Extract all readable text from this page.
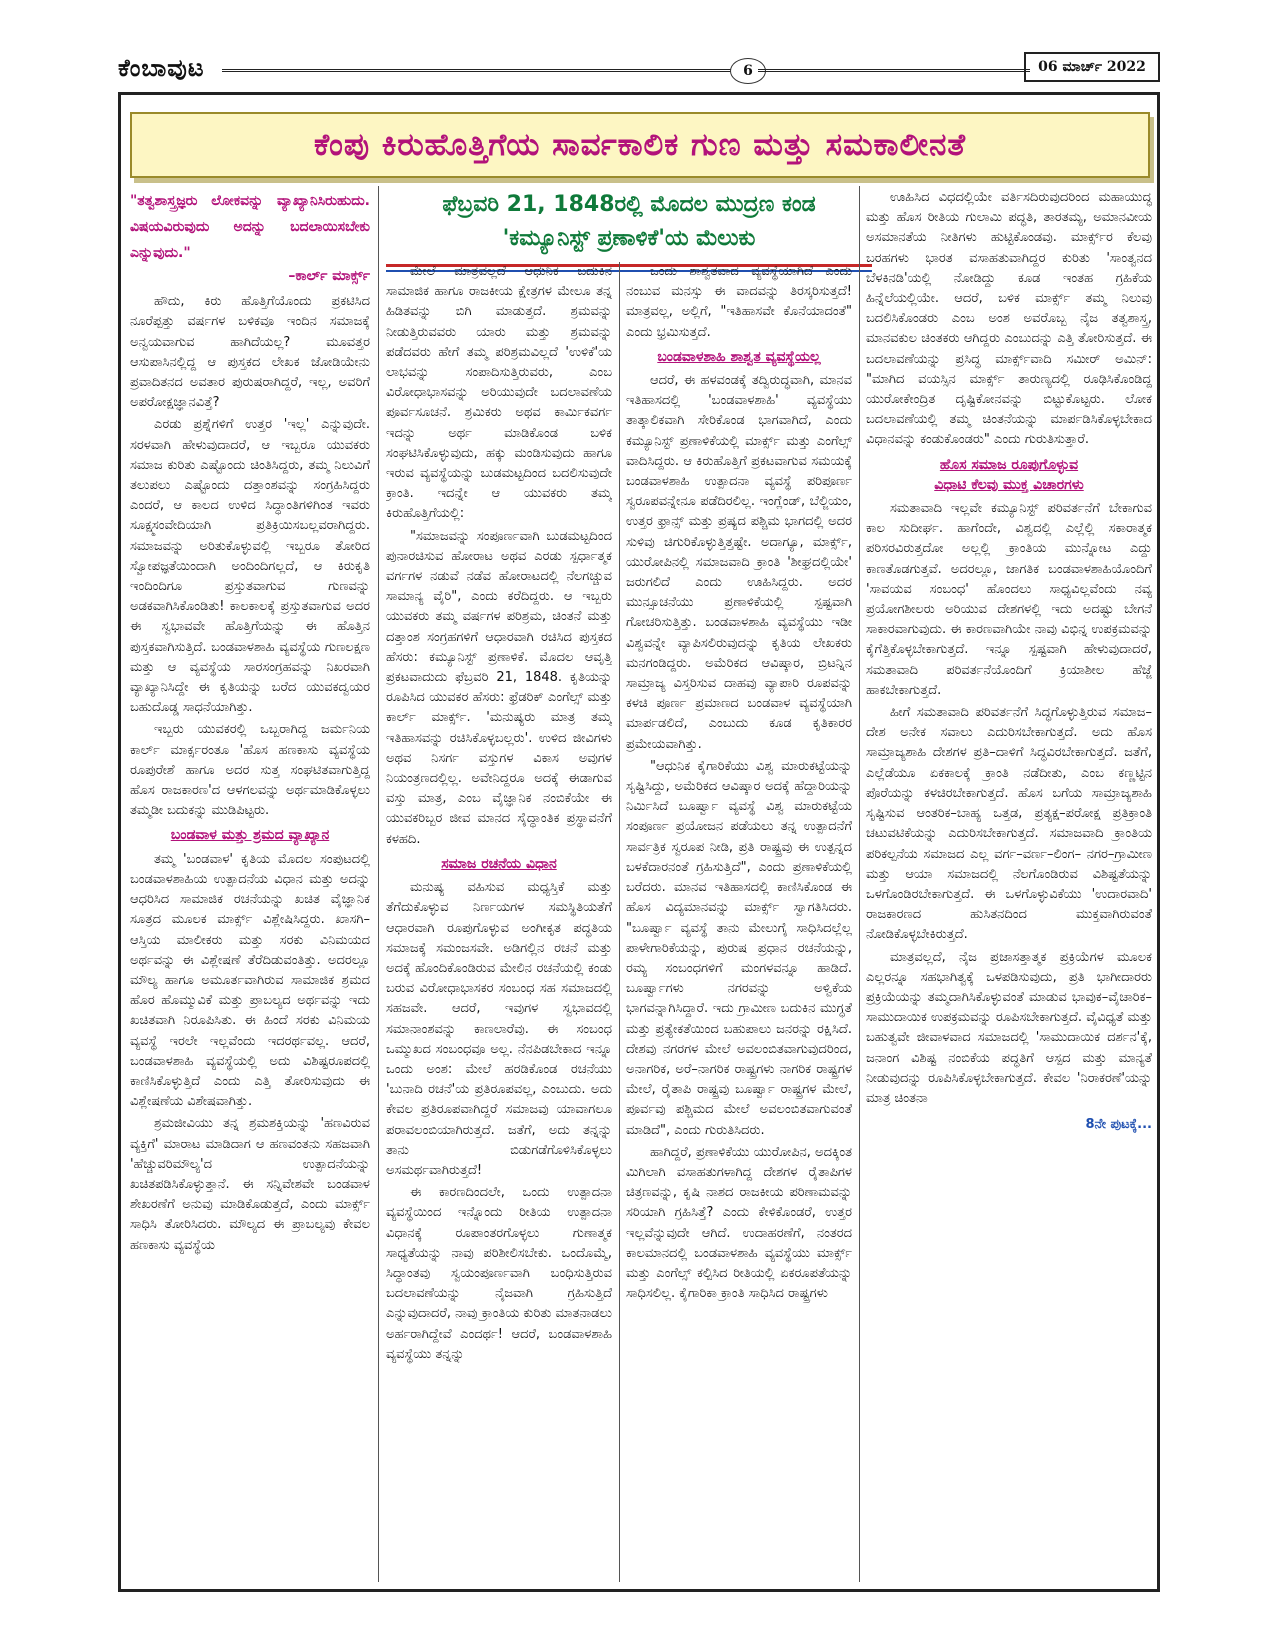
ಕೆಂಬಾವುಟ	6	06 ಮಾರ್ಚ್ 2022
ಕೆಂಪು ಕಿರುಹೊತ್ತಿಗೆಯ ಸಾರ್ವಕಾಲಿಕ ಗುಣ ಮತ್ತು ಸಮಕಾಲೀನತೆ
ಫೆಬ್ರವರಿ 21, 1848ರಲ್ಲಿ ಮೊದಲ ಮುದ್ರಣ ಕಂಡ
'ಕಮ್ಯೂನಿಸ್ಟ್ ಪ್ರಣಾಳಿಕೆ'ಯ ಮೆಲುಕು
"ತತ್ವಶಾಸ್ತ್ರಜ್ಞರು ಲೋಕವನ್ನು ವ್ಯಾಖ್ಯಾನಿಸಿರುಹುದು. ವಿಷಯವಿರುವುದು ಅದನ್ನು ಬದಲಾಯಿಸಬೇಕು ಎನ್ನುವುದು."
–ಕಾರ್ಲ್ ಮಾರ್ಕ್ಸ್

ಹೌದು, ಕಿರು ಹೊತ್ತಿಗೆಯೊಂದು ಪ್ರಕಟಿಸಿದ ನೂರೆಪ್ಪತ್ತು ವರ್ಷಗಳ ಬಳಿಕವೂ ಇಂದಿನ ಸಮಾಜಕ್ಕೆ ಅನ್ವಯವಾಗುವ ಹಾಗಿದೆಯಲ್ಲ? ಮೂವತ್ತರ ಆಸುಪಾಸಿನಲ್ಲಿದ್ದ ಆ ಪುಸ್ತಕದ ಲೇಖಕ ಜೋಡಿಯೇನು ಪ್ರವಾದಿತನದ ಅವತಾರ ಪುರುಷರಾಗಿದ್ದರೆ, ಇಲ್ಲ, ಅವರಿಗೆ ಅಪರೋಕ್ಷಜ್ಞಾನವಿತ್ತೆ?

ಎರಡು ಪ್ರಶ್ನೆಗಳಿಗೆ ಉತ್ತರ 'ಇಲ್ಲ' ಎನ್ನುವುದೇ. ಸರಳವಾಗಿ ಹೇಳುವುದಾದರೆ, ಆ ಇಬ್ಬರೂ ಯುವಕರು ಸಮಾಜ ಕುರಿತು ಎಷ್ಟೊಂದು ಚಿಂತಿಸಿದ್ದರು, ತಮ್ಮ ನಿಲುವಿಗೆ ತಲುಪಲು ಎಷ್ಟೊಂದು ದತ್ತಾಂಶವನ್ನು ಸಂಗ್ರಹಿಸಿದ್ದರು ಎಂದರೆ, ಆ ಕಾಲದ ಉಳಿದ ಸಿದ್ಧಾಂತಿಗಳಿಗಿಂತ ಇವರು ಸೂಕ್ಷ್ಮಸಂವೇದಿಯಾಗಿ ಪ್ರತಿಕ್ರಿಯಿಸಬಲ್ಲವರಾಗಿದ್ದರು. ಸಮಾಜವನ್ನು ಅರಿತುಕೊಳ್ಳುವಲ್ಲಿ ಇಬ್ಬರೂ ತೋರಿದ ಸ್ವೋಪಜ್ಞತೆಯಿಂದಾಗಿ ಅಂದಿಂದಿಗಲ್ಲದೆ, ಆ ಕಿರುಕೃತಿ ಇಂದಿಂದಿಗೂ ಪ್ರಸ್ತುತವಾಗುವ ಗುಣವನ್ನು ಅಡಕವಾಗಿಸಿಕೊಂಡಿತು! ಕಾಲಕಾಲಕ್ಕೆ ಪ್ರಸ್ತುತವಾಗುವ ಅದರ ಈ ಸ್ವಭಾವವೇ ಹೊತ್ತಿಗೆಯನ್ನು ಈ ಹೊತ್ತಿನ ಪುಸ್ತಕವಾಗಿಸುತ್ತಿದೆ. ಬಂಡವಾಳಶಾಹಿ ವ್ಯವಸ್ಥೆಯ ಗುಣಲಕ್ಷಣ ಮತ್ತು ಆ ವ್ಯವಸ್ಥೆಯ ಸಾರಸಂಗ್ರಹವನ್ನು ನಿಖರವಾಗಿ ವ್ಯಾಖ್ಯಾನಿಸಿದ್ದೇ ಈ ಕೃತಿಯನ್ನು ಬರೆದ ಯುವಕದ್ವಯರ ಬಹುದೊಡ್ಡ ಸಾಧನೆಯಾಗಿತ್ತು.

ಇಬ್ಬರು ಯುವಕರಲ್ಲಿ ಒಬ್ಬರಾಗಿದ್ದ ಜರ್ಮನಿಯ ಕಾರ್ಲ್ ಮಾರ್ಕ್ಸರಂತೂ 'ಹೊಸ ಹಣಕಾಸು ವ್ಯವಸ್ಥೆಯ ರೂಪುರೇಶೆ ಹಾಗೂ ಅದರ ಸುತ್ತ ಸಂಘಟಿತವಾಗುತ್ತಿದ್ದ ಹೊಸ ರಾಜಕಾರಣ'ದ ಆಳಗಲವನ್ನು ಅರ್ಥಮಾಡಿಕೊಳ್ಳಲು ತಮ್ಮಡೀ ಬದುಕನ್ನು ಮುಡಿಪಿಟ್ಟರು.

ಬಂಡವಾಳ ಮತ್ತು ಶ್ರಮದ ವ್ಯಾಖ್ಯಾನ

ತಮ್ಮ 'ಬಂಡವಾಳ' ಕೃತಿಯ ಮೊದಲ ಸಂಪುಟದಲ್ಲಿ ಬಂಡವಾಳಶಾಹಿಯ ಉತ್ಪಾದನೆಯ ವಿಧಾನ ಮತ್ತು ಅದನ್ನು ಆಧರಿಸಿದ ಸಾಮಾಜಿಕ ರಚನೆಯನ್ನು ಖಚಿತ ವೈಜ್ಞಾನಿಕ ಸೂತ್ರದ ಮೂಲಕ ಮಾರ್ಕ್ಸ್ ವಿಶ್ಲೇಷಿಸಿದ್ದರು. ಖಾಸಗಿ–ಆಸ್ತಿಯ ಮಾಲೀಕರು ಮತ್ತು ಸರಕು ವಿನಿಮಯದ ಅರ್ಥವನ್ನು ಈ ವಿಶ್ಲೇಷಣೆ ತೆರೆದಿಡುವಂತಿತ್ತು. ಅದರಲ್ಲೂ ಮೌಲ್ಯ ಹಾಗೂ ಅಮೂರ್ತವಾಗಿರುವ ಸಾಮಾಜಿಕ ಶ್ರಮದ ಹೊರ ಹೊಮ್ಮುವಿಕೆ ಮತ್ತು ಪ್ರಾಬಲ್ಯದ ಅರ್ಥವನ್ನು ಇದು ಖಚಿತವಾಗಿ ನಿರೂಪಿಸಿತು. ಈ ಹಿಂದೆ ಸರಕು ವಿನಿಮಯ ವ್ಯವಸ್ಥೆ ಇರಲೇ ಇಲ್ಲವೆಂದು ಇದರರ್ಥವಲ್ಲ. ಆದರೆ, ಬಂಡವಾಳಶಾಹಿ ವ್ಯವಸ್ಥೆಯಲ್ಲಿ ಅದು ವಿಶಿಷ್ಟರೂಪದಲ್ಲಿ ಕಾಣಿಸಿಕೊಳ್ಳುತ್ತಿದೆ ಎಂದು ಎತ್ತಿ ತೋರಿಸುವುದು ಈ ವಿಶ್ಲೇಷಣೆಯ ವಿಶೇಷವಾಗಿತ್ತು.

ಶ್ರಮಜೀವಿಯು ತನ್ನ ಶ್ರಮಶಕ್ತಿಯನ್ನು 'ಹಣವಿರುವ ವ್ಯಕ್ತಿಗೆ' ಮಾರಾಟ ಮಾಡಿದಾಗ ಆ ಹಣವಂತನು ಸಹಜವಾಗಿ 'ಹೆಚ್ಚುವರಿಮೌಲ್ಯ'ದ ಉತ್ಪಾದನೆಯನ್ನು ಖಚಿತಪಡಿಸಿಕೊಳ್ಳುತ್ತಾನೆ. ಈ ಸನ್ನಿವೇಶವೇ ಬಂಡವಾಳ ಶೇಖರಣೆಗೆ ಅನುವು ಮಾಡಿಕೊಡುತ್ತದೆ, ಎಂದು ಮಾರ್ಕ್ಸ್ ಸಾಧಿಸಿ ತೋರಿಸಿದರು. ಮೌಲ್ಯದ ಈ ಪ್ರಾಬಲ್ಯವು ಕೇವಲ ಹಣಕಾಸು ವ್ಯವಸ್ಥೆಯ

ಮೇಲೆ ಮಾತ್ರವಲ್ಲದೆ ಆಧುನಿಕ ಬದುಕಿನ ಸಾಮಾಜಿಕ ಹಾಗೂ ರಾಜಕೀಯ ಕ್ಷೇತ್ರಗಳ ಮೇಲೂ ತನ್ನ ಹಿಡಿತವನ್ನು ಬಿಗಿ ಮಾಡುತ್ತದೆ. ಶ್ರಮವನ್ನು ನೀಡುತ್ತಿರುವವರು ಯಾರು ಮತ್ತು ಶ್ರಮವನ್ನು ಪಡೆದವರು ಹೇಗೆ ತಮ್ಮ ಪರಿಶ್ರಮವಿಲ್ಲದೆ 'ಉಳಿಕೆ'ಯ ಲಾಭವನ್ನು ಸಂಪಾದಿಸುತ್ತಿರುವರು, ಎಂಬ ವಿರೋಧಾಭಾಸವನ್ನು ಅರಿಯುವುದೇ ಬದಲಾವಣೆಯ ಪೂರ್ವಸೂಚನೆ. ಶ್ರಮಿಕರು ಅಥವ ಕಾರ್ಮಿಕವರ್ಗ ಇದನ್ನು ಅರ್ಥ ಮಾಡಿಕೊಂಡ ಬಳಿಕ ಸಂಘಟಿಸಿಕೊಳ್ಳುವುದು, ಹಕ್ಕು ಮಂಡಿಸುವುದು ಹಾಗೂ ಇರುವ ವ್ಯವಸ್ಥೆಯನ್ನು ಬುಡಮಟ್ಟದಿಂದ ಬದಲಿಸುವುದೇ ಕ್ರಾಂತಿ. ಇದನ್ನೇ ಆ ಯುವಕರು ತಮ್ಮ ಕಿರುಹೊತ್ತಿಗೆಯಲ್ಲಿ:

"ಸಮಾಜವನ್ನು ಸಂಪೂರ್ಣವಾಗಿ ಬುಡಮಟ್ಟದಿಂದ ಪುನಾರಚಿಸುವ ಹೋರಾಟ ಅಥವ ಎರಡು ಸ್ಪರ್ಧಾತ್ಮಕ ವರ್ಗಗಳ ನಡುವೆ ನಡೆವ ಹೋರಾಟದಲ್ಲಿ ನೆಲಗಚ್ಚುವ ಸಾಮಾನ್ಯ ವೈರಿ", ಎಂದು ಕರೆದಿದ್ದರು. ಆ ಇಬ್ಬರು ಯುವಕರು ತಮ್ಮ ವರ್ಷಗಳ ಪರಿಶ್ರಮ, ಚಿಂತನೆ ಮತ್ತು ದತ್ತಾಂಶ ಸಂಗ್ರಹಗಳಿಗೆ ಆಧಾರವಾಗಿ ರಚಿಸಿದ ಪುಸ್ತಕದ ಹೆಸರು: ಕಮ್ಯೂನಿಸ್ಟ್ ಪ್ರಣಾಳಿಕೆ. ಮೊದಲ ಆವೃತ್ತಿ ಪ್ರಕಟವಾದುದು ಫೆಬ್ರವರಿ 21, 1848. ಕೃತಿಯನ್ನು ರೂಪಿಸಿದ ಯುವಕರ ಹೆಸರು: ಫ್ರೆಡರಿಕ್ ಎಂಗೆಲ್ಸ್ ಮತ್ತು ಕಾರ್ಲ್ ಮಾರ್ಕ್ಸ್. 'ಮನುಷ್ಯರು ಮಾತ್ರ ತಮ್ಮ ಇತಿಹಾಸವನ್ನು ರಚಿಸಿಕೊಳ್ಳಬಲ್ಲರು'. ಉಳಿದ ಜೀವಿಗಳು ಅಥವ ನಿಸರ್ಗ ವಸ್ತುಗಳ ವಿಕಾಸ ಅವುಗಳ ನಿಯಂತ್ರಣದಲ್ಲಿಲ್ಲ. ಅವೇನಿದ್ದರೂ ಅದಕ್ಕೆ ಈಡಾಗುವ ವಸ್ತು ಮಾತ್ರ, ಎಂಬ ವೈಜ್ಞಾನಿಕ ನಂಬಿಕೆಯೇ ಈ ಯುವಕರಿಬ್ಬರ ಜೀವ ಮಾನದ ಸೈದ್ಧಾಂತಿಕ ಪ್ರಸ್ಥಾವನೆಗೆ ಕಳಹದಿ.

ಸಮಾಜ ರಚನೆಯ ವಿಧಾನ

ಮನುಷ್ಯ ವಹಿಸುವ ಮಧ್ಯಸ್ತಿಕೆ ಮತ್ತು ತೆಗೆದುಕೊಳ್ಳುವ ನಿರ್ಣಯಗಳ ಸಮಸ್ಥಿತಿಯತೆಗೆ ಆಧಾರವಾಗಿ ರೂಪುಗೊಳ್ಳುವ ಅಂಗೀಕೃತ ಪದ್ಧತಿಯ ಸಮಾಜಕ್ಕೆ ಸಮಂಜಸವೇ. ಅಡಿಗಲ್ಲಿನ ರಚನೆ ಮತ್ತು ಅದಕ್ಕೆ ಹೊಂದಿಕೊಂಡಿರುವ ಮೇಲಿನ ರಚನೆಯಲ್ಲಿ ಕಂಡು ಬರುವ ವಿರೋಧಾಭಾಸಕರ ಸಂಬಂಧ ಸಹ ಸಮಾಜದಲ್ಲಿ ಸಹಜವೇ. ಆದರೆ, ಇವುಗಳ ಸ್ವಭಾವದಲ್ಲಿ ಸಮಾನಾಂಶವನ್ನು ಕಾಣಲಾರೆವು. ಈ ಸಂಬಂಧ ಒಮ್ಮುಖದ ಸಂಬಂಧವೂ ಅಲ್ಲ. ನೆನಪಿಡಬೇಕಾದ ಇನ್ನೂ ಒಂದು ಅಂಶ: ಮೇಲೆ ಹರಡಿಕೊಂಡ ರಚನೆಯು 'ಬುನಾದಿ ರಚನೆ'ಯ ಪ್ರತಿರೂಪವಲ್ಲ, ಎಂಬುದು. ಅದು ಕೇವಲ ಪ್ರತಿರೂಪವಾಗಿದ್ದರೆ ಸಮಾಜವು ಯಾವಾಗಲೂ ಪರಾವಲಂಬಿಯಾಗಿರುತ್ತದೆ. ಜತೆಗೆ, ಅದು ತನ್ನನ್ನು ತಾನು ಬಿಡುಗಡೆಗೊಳಿಸಿಕೊಳ್ಳಲು ಅಸಮರ್ಥವಾಗಿರುತ್ತದೆ!

ಈ ಕಾರಣದಿಂದಲೇ, ಒಂದು ಉತ್ಪಾದನಾ ವ್ಯವಸ್ಥೆಯಿಂದ ಇನ್ನೊಂದು ರೀತಿಯ ಉತ್ಪಾದನಾ ವಿಧಾನಕ್ಕೆ ರೂಪಾಂತರಗೊಳ್ಳಲು ಗುಣಾತ್ಮಕ ಸಾಧ್ಯತೆಯನ್ನು ನಾವು ಪರಿಶೀಲಿಸಬೇಕು. ಒಂದೊಮ್ಮೆ, ಸಿದ್ಧಾಂತವು ಸ್ವಯಂಪೂರ್ಣವಾಗಿ ಬಂಧಿಸುತ್ತಿರುವ ಬದಲಾವಣೆಯನ್ನು ನೈಜವಾಗಿ ಗ್ರಹಿಸುತ್ತಿದೆ ಎನ್ನುವುದಾದರೆ, ನಾವು ಕ್ರಾಂತಿಯ ಕುರಿತು ಮಾತನಾಡಲು ಅರ್ಹರಾಗಿದ್ದೇವೆ ಎಂದರ್ಥ! ಆದರೆ, ಬಂಡವಾಳಶಾಹಿ ವ್ಯವಸ್ಥೆಯು ತನ್ನನ್ನು

ಒಂದು ಶಾಶ್ವತವಾದ ವ್ಯವಸ್ಥೆಯಾಗಿದೆ ಎಂದು ನಂಬುವ ಮನಸ್ಸು ಈ ವಾದವನ್ನು ತಿರಸ್ಕರಿಸುತ್ತದೆ! ಮಾತ್ರವಲ್ಲ, ಅಲ್ಲಿಗೆ, "ಇತಿಹಾಸವೇ ಕೊನೆಯಾದಂತೆ" ಎಂದು ಭ್ರಮಿಸುತ್ತದೆ.

ಬಂಡವಾಳಶಾಹಿ ಶಾಶ್ವತ ವ್ಯವಸ್ಥೆಯಲ್ಲ

ಆದರೆ, ಈ ಹಳವಂಡಕ್ಕೆ ತದ್ವಿರುದ್ಧವಾಗಿ, ಮಾನವ ಇತಿಹಾಸದಲ್ಲಿ 'ಬಂಡವಾಳಶಾಹಿ' ವ್ಯವಸ್ಥೆಯು ತಾತ್ಕಾಲಿಕವಾಗಿ ಸೇರಿಕೊಂಡ ಭಾಗವಾಗಿದೆ, ಎಂದು ಕಮ್ಯೂನಿಸ್ಟ್ ಪ್ರಣಾಳಿಕೆಯಲ್ಲಿ ಮಾರ್ಕ್ಸ್ ಮತ್ತು ಎಂಗೆಲ್ಸ್ ವಾದಿಸಿದ್ದರು. ಆ ಕಿರುಹೊತ್ತಿಗೆ ಪ್ರಕಟವಾಗುವ ಸಮಯಕ್ಕೆ ಬಂಡವಾಳಶಾಹಿ ಉತ್ಪಾದನಾ ವ್ಯವಸ್ಥೆ ಪರಿಪೂರ್ಣ ಸ್ವರೂಪವನ್ನೇನೂ ಪಡೆದಿರಲಿಲ್ಲ. ಇಂಗ್ಲೆಂಡ್, ಬೆಲ್ಜಿಯಂ, ಉತ್ತರ ಫ್ರಾನ್ಸ್ ಮತ್ತು ಪ್ರಷ್ಯದ ಪಶ್ಚಿಮ ಭಾಗದಲ್ಲಿ ಅದರ ಸುಳಿವು ಚಿಗುರಿಕೊಳ್ಳುತ್ತಿತ್ತಷ್ಟೇ. ಅದಾಗ್ಯೂ, ಮಾರ್ಕ್ಸ್, ಯುರೋಪಿನಲ್ಲಿ ಸಮಾಜವಾದಿ ಕ್ರಾಂತಿ 'ಶೀಘ್ರದಲ್ಲಿಯೇ' ಜರುಗಲಿದೆ ಎಂದು ಊಹಿಸಿದ್ದರು. ಅದರ ಮುನ್ಸೂಚನೆಯು ಪ್ರಣಾಳಿಕೆಯಲ್ಲಿ ಸ್ಪಷ್ಟವಾಗಿ ಗೋಚರಿಸುತ್ತಿತ್ತು. ಬಂಡವಾಳಶಾಹಿ ವ್ಯವಸ್ಥೆಯು ಇಡೀ ವಿಶ್ವವನ್ನೇ ವ್ಯಾಪಿಸಲಿರುವುದನ್ನು ಕೃತಿಯ ಲೇಖಕರು ಮನಗಂಡಿದ್ದರು. ಅಮೆರಿಕದ ಆವಿಷ್ಕಾರ, ಬ್ರಿಟನ್ನಿನ ಸಾಮ್ರಾಜ್ಯ ವಿಸ್ತರಿಸುವ ದಾಹವು ವ್ಯಾಪಾರಿ ರೂಪವನ್ನು ಕಳಚಿ ಪೂರ್ಣ ಪ್ರಮಾಣದ ಬಂಡವಾಳ ವ್ಯವಸ್ಥೆಯಾಗಿ ಮಾರ್ಪಡಲಿದೆ, ಎಂಬುದು ಕೂಡ ಕೃತಿಕಾರರ ಪ್ರಮೇಯವಾಗಿತ್ತು.

"ಆಧುನಿಕ ಕೈಗಾರಿಕೆಯು ವಿಶ್ವ ಮಾರುಕಟ್ಟೆಯನ್ನು ಸೃಷ್ಟಿಸಿದ್ದು, ಅಮೆರಿಕದ ಆವಿಷ್ಕಾರ ಅದಕ್ಕೆ ಹೆದ್ದಾರಿಯನ್ನು ನಿರ್ಮಿಸಿದೆ ಬೂರ್ಷ್ವಾ ವ್ಯವಸ್ಥೆ ವಿಶ್ವ ಮಾರುಕಟ್ಟೆಯ ಸಂಪೂರ್ಣ ಪ್ರಯೋಜನ ಪಡೆಯಲು ತನ್ನ ಉತ್ಪಾದನೆಗೆ ಸಾರ್ವತ್ರಿಕ ಸ್ವರೂಪ ನೀಡಿ, ಪ್ರತಿ ರಾಷ್ಟ್ರವು ಈ ಉತ್ಪನ್ನದ ಬಳಕೆದಾರನಂತೆ ಗ್ರಹಿಸುತ್ತಿದೆ", ಎಂದು ಪ್ರಣಾಳಿಕೆಯಲ್ಲಿ ಬರೆದರು. ಮಾನವ ಇತಿಹಾಸದಲ್ಲಿ ಕಾಣಿಸಿಕೊಂಡ ಈ ಹೊಸ ವಿದ್ಯಮಾನವನ್ನು ಮಾರ್ಕ್ಸ್ ಸ್ವಾಗತಿಸಿದರು. "ಬೂರ್ಷ್ವಾ ವ್ಯವಸ್ಥೆ ತಾನು ಮೇಲುಗೈ ಸಾಧಿಸಿದಲ್ಲೆಲ್ಲ ಪಾಳೇಗಾರಿಕೆಯನ್ನು, ಪುರುಷ ಪ್ರಧಾನ ರಚನೆಯನ್ನು, ರಮ್ಯ ಸಂಬಂಧಗಳಿಗೆ ಮಂಗಳವನ್ನೂ ಹಾಡಿದೆ. ಬೂರ್ಷ್ವಾಗಳು ನಗರವನ್ನು ಅಳ್ವಿಕೆಯ ಭಾಗವನ್ನಾಗಿಸಿದ್ದಾರೆ. ಇದು ಗ್ರಾಮೀಣ ಬದುಕಿನ ಮುಗ್ಧತೆ ಮತ್ತು ಪ್ರತ್ಯೇಕತೆಯಿಂದ ಬಹುಪಾಲು ಜನರನ್ನು ರಕ್ಷಿಸಿದೆ. ದೇಶವು ನಗರಗಳ ಮೇಲೆ ಅವಲಂಬಿತವಾಗುವುದರಿಂದ, ಅನಾಗರಿಕ, ಅರೆ–ನಾಗರಿಕ ರಾಷ್ಟ್ರಗಳು ನಾಗರಿಕ ರಾಷ್ಟ್ರಗಳ ಮೇಲೆ, ರೈತಾಪಿ ರಾಷ್ಟ್ರವು ಬೂರ್ಷ್ವಾ ರಾಷ್ಟ್ರಗಳ ಮೇಲೆ, ಪೂರ್ವವು ಪಶ್ಚಿಮದ ಮೇಲೆ ಅವಲಂಬಿತವಾಗುವಂತೆ ಮಾಡಿದೆ", ಎಂದು ಗುರುತಿಸಿದರು.

ಹಾಗಿದ್ದರೆ, ಪ್ರಣಾಳಿಕೆಯು ಯುರೋಪಿನ, ಅದಕ್ಕಿಂತ ಮಿಗಿಲಾಗಿ ವಸಾಹತುಗಳಾಗಿದ್ದ ದೇಶಗಳ ರೈತಾಪಿಗಳ ಚಿತ್ರಣವನ್ನು, ಕೃಷಿ ನಾಶದ ರಾಜಕೀಯ ಪರಿಣಾಮವನ್ನು ಸರಿಯಾಗಿ ಗ್ರಹಿಸಿತ್ತೆ? ಎಂದು ಕೇಳಿಕೊಂಡರೆ, ಉತ್ತರ ಇಲ್ಲವೆನ್ನುವುದೇ ಆಗಿದೆ. ಉದಾಹರಣೆಗೆ, ನಂತರದ ಕಾಲಮಾನದಲ್ಲಿ ಬಂಡವಾಳಶಾಹಿ ವ್ಯವಸ್ಥೆಯು ಮಾರ್ಕ್ಸ್ ಮತ್ತು ಎಂಗೆಲ್ಸ್ ಕಲ್ಪಿಸಿದ ರೀತಿಯಲ್ಲಿ ಏಕರೂಪತೆಯನ್ನು ಸಾಧಿಸಲಿಲ್ಲ. ಕೈಗಾರಿಕಾ ಕ್ರಾಂತಿ ಸಾಧಿಸಿದ ರಾಷ್ಟ್ರಗಳು

ಊಹಿಸಿದ ವಿಧದಲ್ಲಿಯೇ ವರ್ತಿಸದಿರುವುದರಿಂದ ಮಹಾಯುದ್ಧ ಮತ್ತು ಹೊಸ ರೀತಿಯ ಗುಲಾಮಿ ಪದ್ಧತಿ, ತಾರತಮ್ಯ, ಅಮಾನವೀಯ ಅಸಮಾನತೆಯ ನೀತಿಗಳು ಹುಟ್ಟಿಕೊಂಡವು. ಮಾರ್ಕ್ಸ್‌ರ ಕೆಲವು ಬರಹಗಳು ಭಾರತ ವಸಾಹತುವಾಗಿದ್ದರ ಕುರಿತು 'ಸಾಂತ್ವನದ ಬೆಳಕಿನಡಿ'ಯಲ್ಲಿ ನೋಡಿದ್ದು ಕೂಡ ಇಂತಹ ಗ್ರಹಿಕೆಯ ಹಿನ್ನೆಲೆಯಲ್ಲಿಯೇ. ಆದರೆ, ಬಳಿಕ ಮಾರ್ಕ್ಸ್ ತಮ್ಮ ನಿಲುವು ಬದಲಿಸಿಕೊಂಡರು ಎಂಬ ಅಂಶ ಅವರೊಬ್ಬ ನೈಜ ತತ್ವಶಾಸ್ತ್ರ, ಮಾನವಕುಲ ಚಿಂತಕರು ಆಗಿದ್ದರು ಎಂಬುದನ್ನು ಎತ್ತಿ ತೋರಿಸುತ್ತದೆ. ಈ ಬದಲಾವಣೆಯನ್ನು ಪ್ರಸಿದ್ಧ ಮಾರ್ಕ್ಸ್‌ವಾದಿ ಸಮೀರ್ ಅಮಿನ್: "ಮಾಗಿದ ವಯಸ್ಸಿನ ಮಾರ್ಕ್ಸ್ ತಾರುಣ್ಯದಲ್ಲಿ ರೂಢಿಸಿಕೊಂಡಿದ್ದ ಯುರೋಕೇಂದ್ರಿತ ದೃಷ್ಟಿಕೋನವನ್ನು ಬಿಟ್ಟುಕೊಟ್ಟರು. ಲೋಕ ಬದಲಾವಣೆಯಲ್ಲಿ ತಮ್ಮ ಚಿಂತನೆಯನ್ನು ಮಾರ್ಪಡಿಸಿಕೊಳ್ಳಬೇಕಾದ ವಿಧಾನವನ್ನು ಕಂಡುಕೊಂಡರು" ಎಂದು ಗುರುತಿಸುತ್ತಾರೆ.

ಹೊಸ ಸಮಾಜ ರೂಪುಗೊಳ್ಳುವ
ವಿಧಾಟಿ ಕೆಲವು ಮುಕ್ತ ವಿಚಾರಗಳು

ಸಮತಾವಾದಿ ಇಲ್ಲವೇ ಕಮ್ಯೂನಿಸ್ಟ್ ಪರಿವರ್ತನೆಗೆ ಬೇಕಾಗುವ ಕಾಲ ಸುದೀರ್ಘ. ಹಾಗೆಂದೇ, ವಿಶ್ವದಲ್ಲಿ ಎಲ್ಲೆಲ್ಲಿ ಸಕಾರಾತ್ಮಕ ಪರಿಸರವಿರುತ್ತದೋ ಅಲ್ಲಲ್ಲಿ ಕ್ರಾಂತಿಯ ಮುನ್ನೋಟ ಎದ್ದು ಕಾಣತೊಡಗುತ್ತವೆ. ಅದರಲ್ಲೂ, ಜಾಗತಿಕ ಬಂಡವಾಳಶಾಹಿಯೊಂದಿಗೆ 'ಸಾವಯವ ಸಂಬಂಧ' ಹೊಂದಲು ಸಾಧ್ಯವಿಲ್ಲವೆಂದು ನವ್ಯ ಪ್ರಯೋಗಶೀಲರು ಅರಿಯುವ ದೇಶಗಳಲ್ಲಿ ಇದು ಅದಷ್ಟು ಬೇಗನೆ ಸಾಕಾರವಾಗುವುದು. ಈ ಕಾರಣವಾಗಿಯೇ ನಾವು ವಿಭಿನ್ನ ಉಪಕ್ರಮವನ್ನು ಕೈಗೆತ್ತಿಕೊಳ್ಳಬೇಕಾಗುತ್ತದೆ. ಇನ್ನೂ ಸ್ಪಷ್ಟವಾಗಿ ಹೇಳುವುದಾದರೆ, ಸಮತಾವಾದಿ ಪರಿವರ್ತನೆಯೊಂದಿಗೆ ಕ್ರಿಯಾಶೀಲ ಹೆಜ್ಜೆ ಹಾಕಬೇಕಾಗುತ್ತದೆ.

ಹೀಗೆ ಸಮತಾವಾದಿ ಪರಿವರ್ತನೆಗೆ ಸಿದ್ಧಗೊಳ್ಳುತ್ತಿರುವ ಸಮಾಜ–ದೇಶ ಅನೇಕ ಸವಾಲು ಎದುರಿಸಬೇಕಾಗುತ್ತದೆ. ಅದು ಹೊಸ ಸಾಮ್ರಾಜ್ಯಶಾಹಿ ದೇಶಗಳ ಪ್ರತಿ–ದಾಳಿಗೆ ಸಿದ್ಧವಿರಬೇಕಾಗುತ್ತದೆ. ಜತೆಗೆ, ಎಲ್ಲೆಡೆಯೂ ಏಕಕಾಲಕ್ಕೆ ಕ್ರಾಂತಿ ನಡೆದೀತು, ಎಂಬ ಕಣ್ಣಟ್ಟಿನ ಪೊರೆಯನ್ನು ಕಳಚಿರಬೇಕಾಗುತ್ತದೆ. ಹೊಸ ಬಗೆಯ ಸಾಮ್ರಾಜ್ಯಶಾಹಿ ಸೃಷ್ಟಿಸುವ ಆಂತರಿಕ–ಬಾಹ್ಯ ಒತ್ತಡ, ಪ್ರತ್ಯಕ್ಷ–ಪರೋಕ್ಷ ಪ್ರತಿಕ್ರಾಂತಿ ಚಟುವಟಿಕೆಯನ್ನು ಎದುರಿಸಬೇಕಾಗುತ್ತದೆ. ಸಮಾಜವಾದಿ ಕ್ರಾಂತಿಯ ಪರಿಕಲ್ಪನೆಯ ಸಮಾಜದ ಎಲ್ಲ ವರ್ಗ–ವರ್ಣ–ಲಿಂಗ– ನಗರ–ಗ್ರಾಮೀಣ ಮತ್ತು ಆಯಾ ಸಮಾಜದಲ್ಲಿ ನೆಲಗೊಂಡಿರುವ ವಿಶಿಷ್ಟತೆಯನ್ನು ಒಳಗೊಂಡಿರಬೇಕಾಗುತ್ತದೆ. ಈ ಒಳಗೊಳ್ಳುವಿಕೆಯು 'ಉದಾರವಾದಿ' ರಾಜಕಾರಣದ ಹುಸಿತನದಿಂದ ಮುಕ್ತವಾಗಿರುವಂತೆ ನೋಡಿಕೊಳ್ಳಬೇಕಿರುತ್ತದೆ.

ಮಾತ್ರವಲ್ಲದೆ, ನೈಜ ಪ್ರಜಾಸತ್ತಾತ್ಮಕ ಪ್ರಕ್ರಿಯೆಗಳ ಮೂಲಕ ಎಲ್ಲರನ್ನೂ ಸಹಭಾಗಿತ್ವಕ್ಕೆ ಒಳಪಡಿಸುವುದು, ಪ್ರತಿ ಭಾಗೀದಾರರು ಪ್ರಕ್ರಿಯೆಯನ್ನು ತಮ್ಮದಾಗಿಸಿಕೊಳ್ಳುವಂತೆ ಮಾಡುವ ಭಾವುಕ–ವೈಚಾರಿಕ–ಸಾಮುದಾಯಿಕ ಉಪಕ್ರಮವನ್ನು ರೂಪಿಸಬೇಕಾಗುತ್ತದೆ. ವೈವಿಧ್ಯತೆ ಮತ್ತು ಬಹುತ್ವವೇ ಜೀವಾಳವಾದ ಸಮಾಜದಲ್ಲಿ 'ಸಾಮುದಾಯಿಕ ದರ್ಶನ'ಕ್ಕೆ, ಜನಾಂಗ ವಿಶಿಷ್ಟ ನಂಬಿಕೆಯ ಪದ್ಧತಿಗೆ ಆಸ್ಪದ ಮತ್ತು ಮಾನ್ಯತೆ ನೀಡುವುದನ್ನು ರೂಪಿಸಿಕೊಳ್ಳಬೇಕಾಗುತ್ತದೆ. ಕೇವಲ 'ನಿರಾಕರಣೆ'ಯನ್ನು ಮಾತ್ರ ಚಿಂತನಾ

8ನೇ ಪುಟಕ್ಕೆ...
